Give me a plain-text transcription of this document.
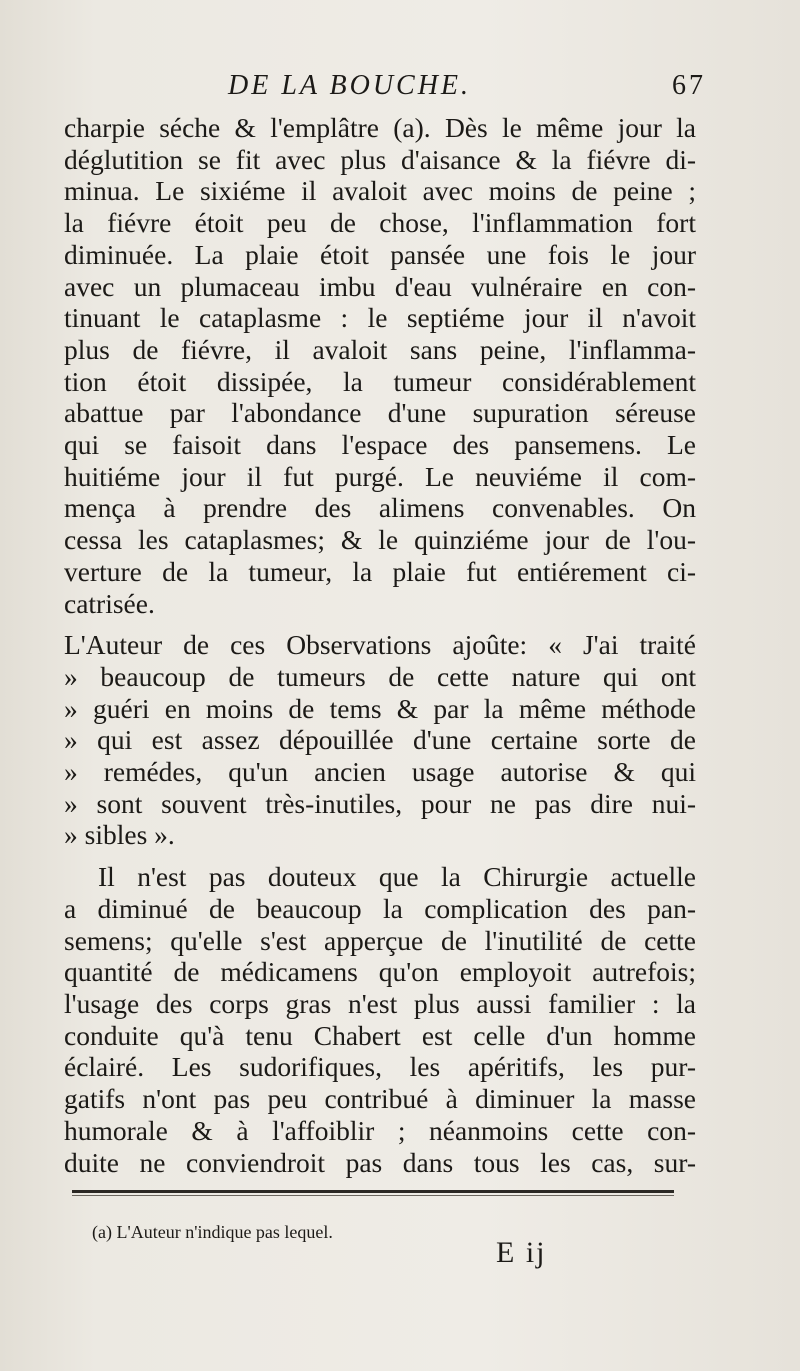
DE LA BOUCHE.	67
charpie séche & l'emplâtre (a). Dès le même jour la
déglutition se fit avec plus d'aisance & la fiévre di-
minua. Le sixiéme il avaloit avec moins de peine ;
la fiévre étoit peu de chose, l'inflammation fort
diminuée. La plaie étoit pansée une fois le jour
avec un plumaceau imbu d'eau vulnéraire en con-
tinuant le cataplasme : le septiéme jour il n'avoit
plus de fiévre, il avaloit sans peine, l'inflamma-
tion étoit dissipée, la tumeur considérablement
abattue par l'abondance d'une supuration séreuse
qui se faisoit dans l'espace des pansemens. Le
huitiéme jour il fut purgé. Le neuviéme il com-
mença à prendre des alimens convenables. On
cessa les cataplasmes; & le quinziéme jour de l'ou-
verture de la tumeur, la plaie fut entiérement ci-
catrisée.
L'Auteur de ces Observations ajoûte: « J'ai traité
» beaucoup de tumeurs de cette nature qui ont
» guéri en moins de tems & par la même méthode
» qui est assez dépouillée d'une certaine sorte de
» remédes, qu'un ancien usage autorise & qui
» sont souvent très-inutiles, pour ne pas dire nui-
» sibles ».
Il n'est pas douteux que la Chirurgie actuelle
a diminué de beaucoup la complication des pan-
semens; qu'elle s'est apperçue de l'inutilité de cette
quantité de médicamens qu'on employoit autrefois;
l'usage des corps gras n'est plus aussi familier : la
conduite qu'à tenu Chabert est celle d'un homme
éclairé. Les sudorifiques, les apéritifs, les pur-
gatifs n'ont pas peu contribué à diminuer la masse
humorale & à l'affoiblir ; néanmoins cette con-
duite ne conviendroit pas dans tous les cas, sur-
(a) L'Auteur n'indique pas lequel.
E ij
